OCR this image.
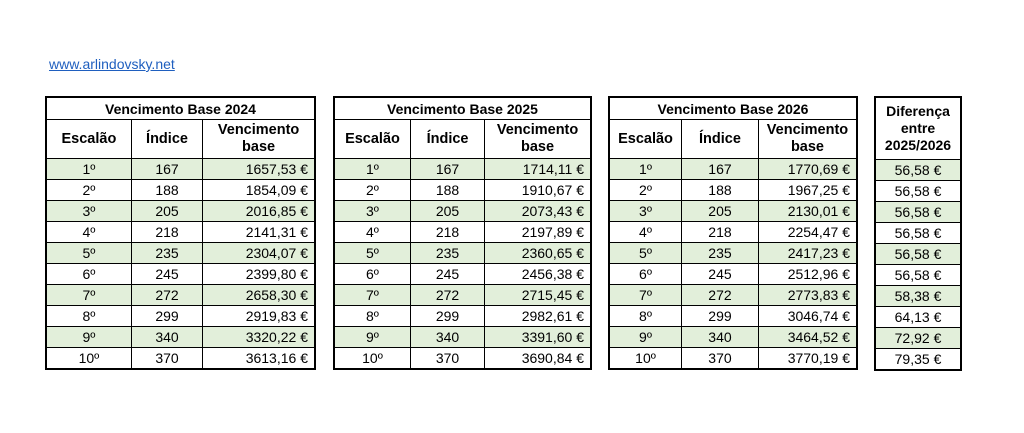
www.arlindovsky.net
Vencimento Base 2024		
Escalão	Índice	Vencimento
base
1º	167	1657,53 €
2º	188	1854,09 €
3º	205	2016,85 €
4º	218	2141,31 €
5º	235	2304,07 €
6º	245	2399,80 €
7º	272	2658,30 €
8º	299	2919,83 €
9º	340	3320,22 €
10º	370	3613,16 €
Vencimento Base 2025		
Escalão	Índice	Vencimento
base
1º	167	1714,11 €
2º	188	1910,67 €
3º	205	2073,43 €
4º	218	2197,89 €
5º	235	2360,65 €
6º	245	2456,38 €
7º	272	2715,45 €
8º	299	2982,61 €
9º	340	3391,60 €
10º	370	3690,84 €
Vencimento Base 2026		
Escalão	Índice	Vencimento
base
1º	167	1770,69 €
2º	188	1967,25 €
3º	205	2130,01 €
4º	218	2254,47 €
5º	235	2417,23 €
6º	245	2512,96 €
7º	272	2773,83 €
8º	299	3046,74 €
9º	340	3464,52 €
10º	370	3770,19 €
Diferença
entre
2025/2026
56,58 €
56,58 €
56,58 €
56,58 €
56,58 €
56,58 €
58,38 €
64,13 €
72,92 €
79,35 €
